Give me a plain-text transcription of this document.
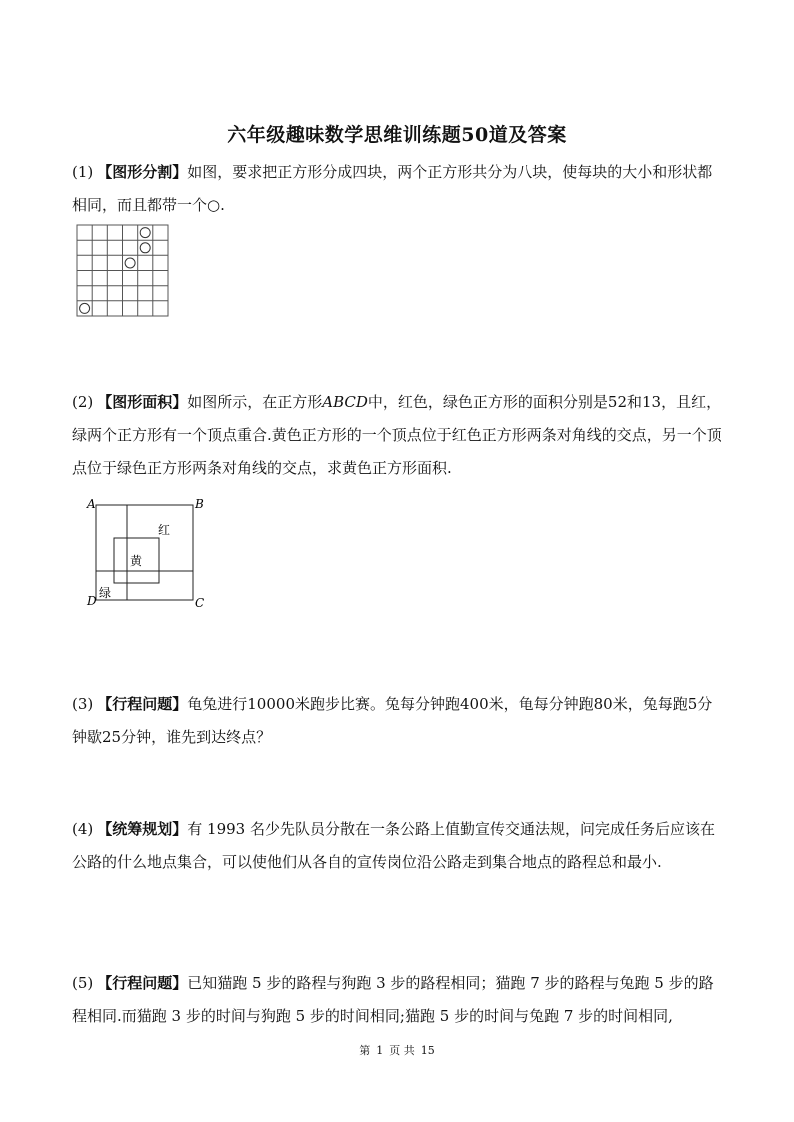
六年级趣味数学思维训练题50道及答案
(1) 【图形分割】如图，要求把正方形分成四块，两个正方形共分为八块，使每块的大小和形状都相同，而且都带一个○.
(2) 【图形面积】如图所示，在正方形ABCD中，红色，绿色正方形的面积分别是52和13，且红，绿两个正方形有一个顶点重合.黄色正方形的一个顶点位于红色正方形两条对角线的交点，另一个顶点位于绿色正方形两条对角线的交点，求黄色正方形面积.
A	B
C
D
红
黄
绿
(3) 【行程问题】龟兔进行10000米跑步比赛。兔每分钟跑400米，龟每分钟跑80米，兔每跑5分钟歇25分钟，谁先到达终点？
(4) 【统筹规划】有 1993 名少先队员分散在一条公路上值勤宣传交通法规，问完成任务后应该在公路的什么地点集合，可以使他们从各自的宣传岗位沿公路走到集合地点的路程总和最小.
(5) 【行程问题】已知猫跑 5 步的路程与狗跑 3 步的路程相同；猫跑 7 步的路程与兔跑 5 步的路程相同.而猫跑 3 步的时间与狗跑 5 步的时间相同;猫跑 5 步的时间与兔跑 7 步的时间相同,
第 1 页 共 15
